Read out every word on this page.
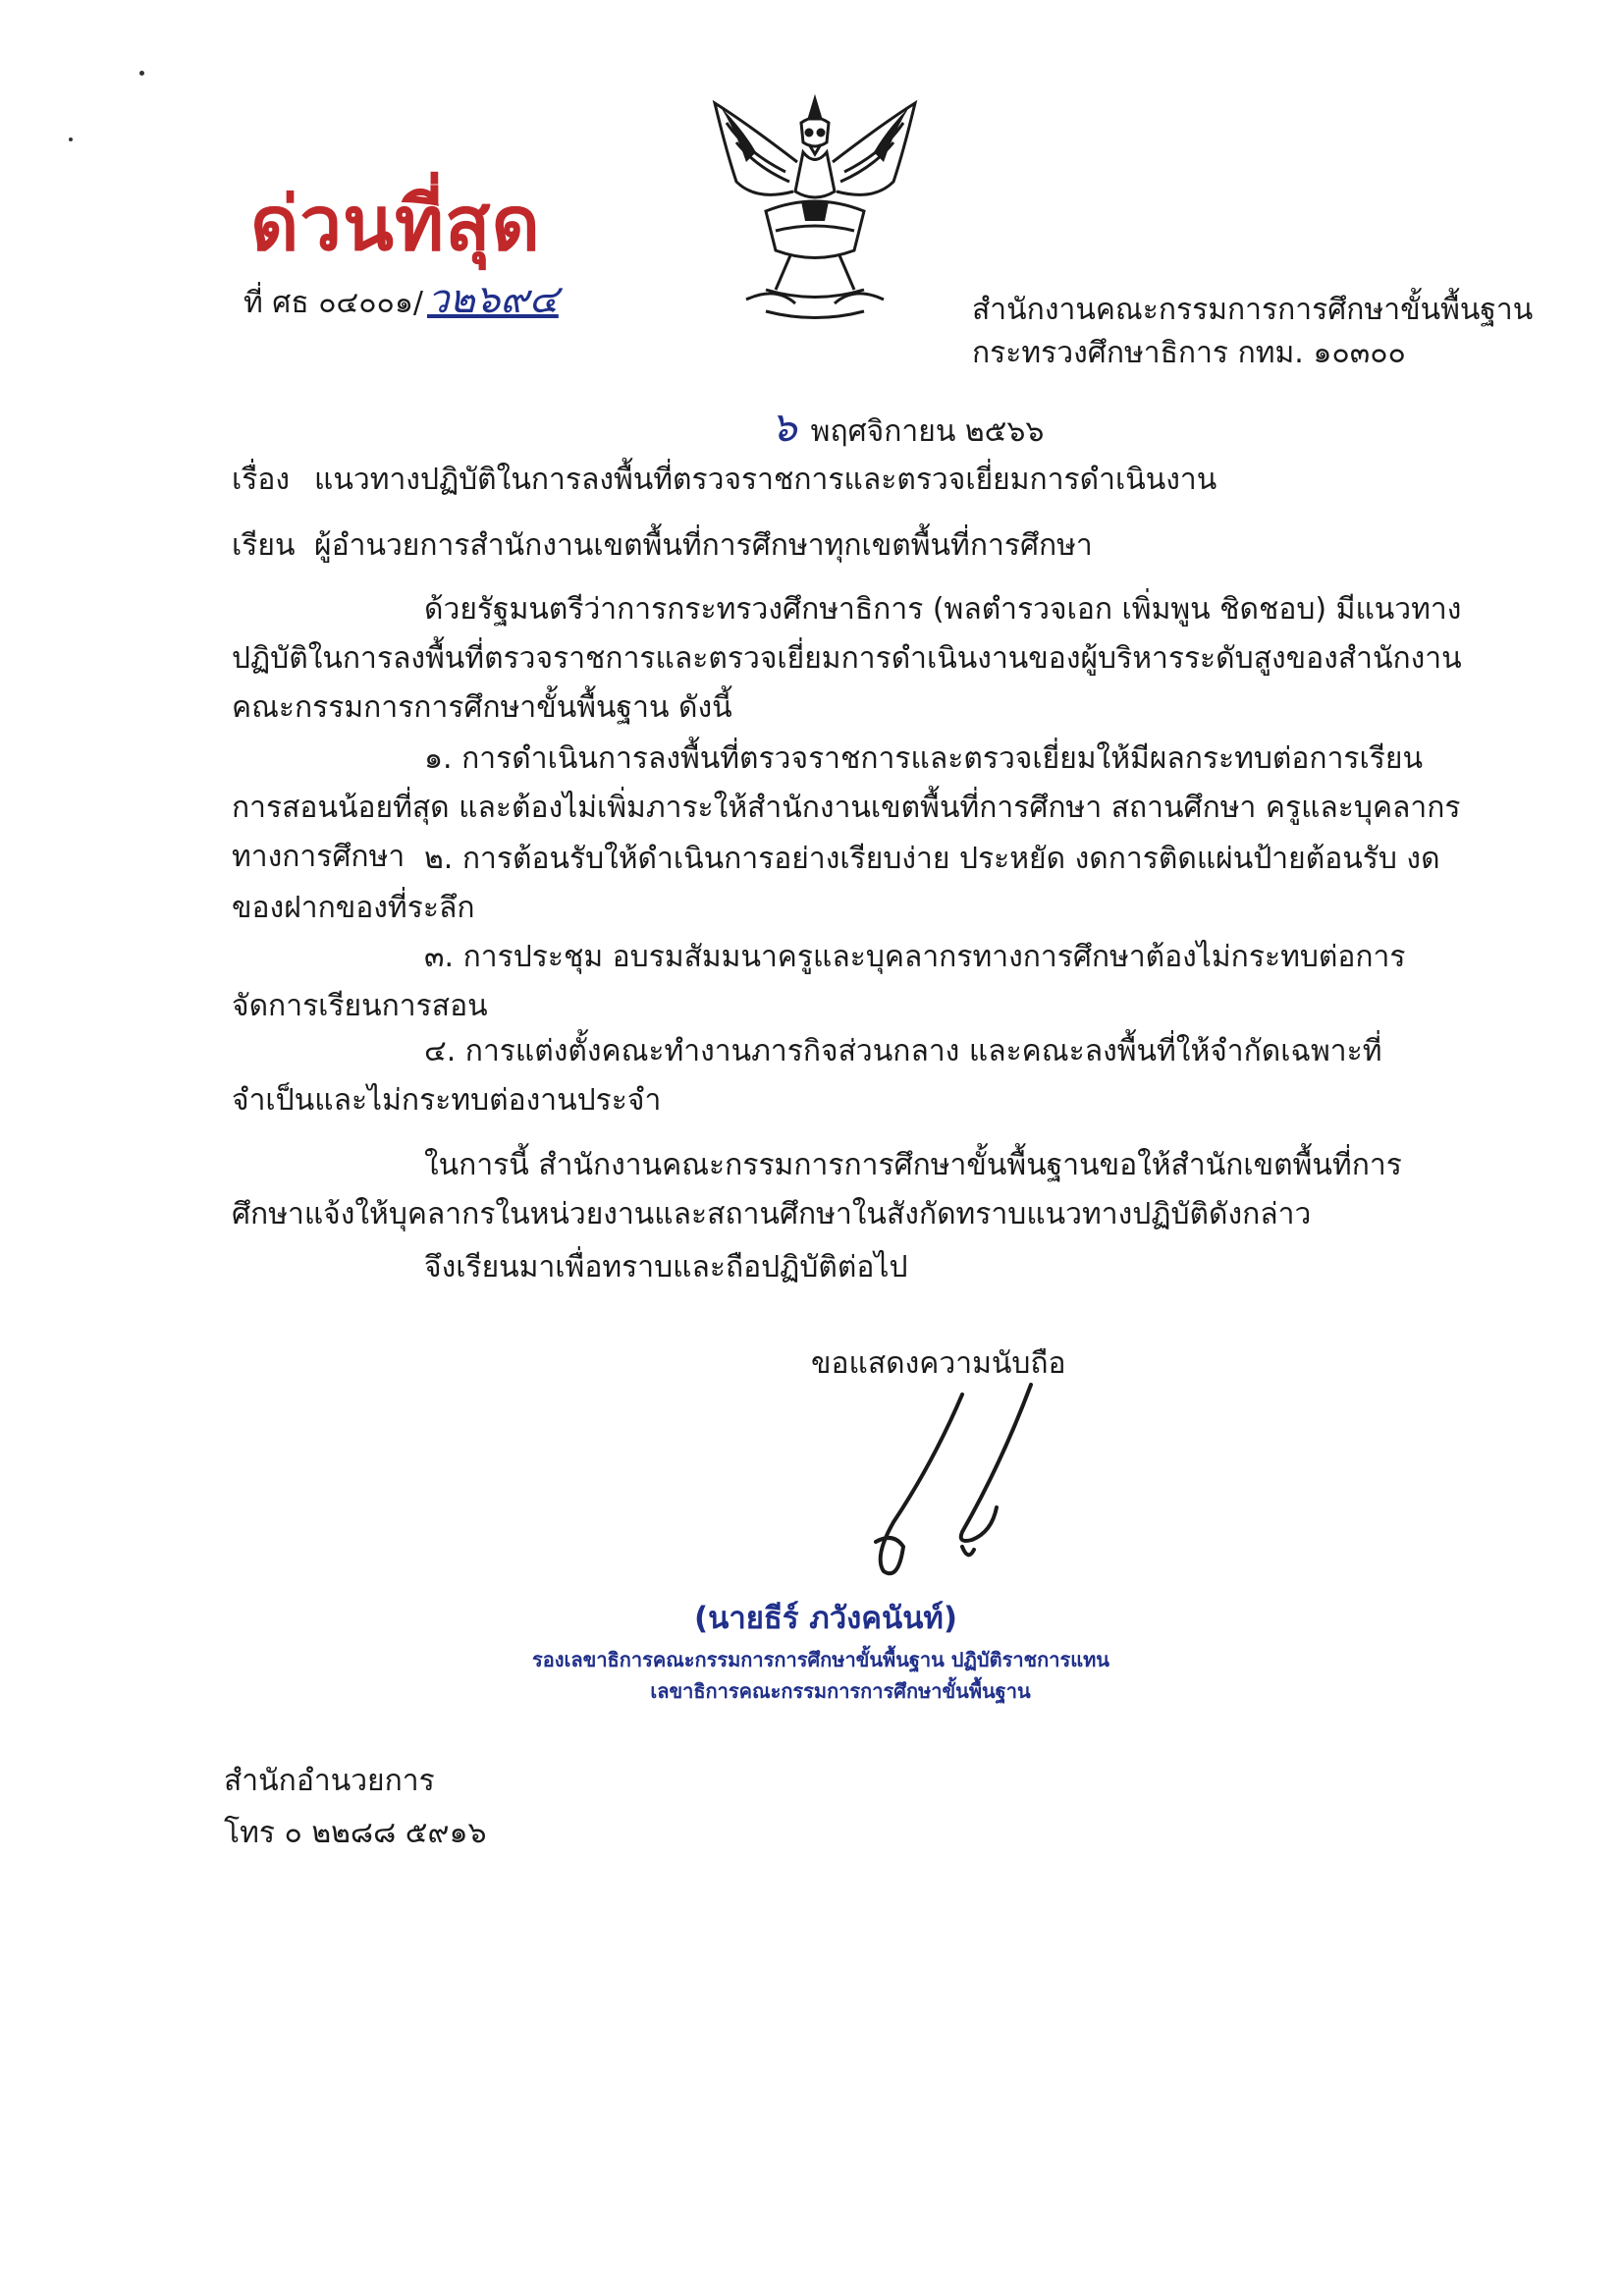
ด่วนที่สุด
ที่ ศธ ๐๔๐๐๑/ ว๒๖๙๔	สำนักงานคณะกรรมการการศึกษาขั้นพื้นฐาน
กระทรวงศึกษาธิการ กทม. ๑๐๓๐๐
๖ พฤศจิกายน ๒๕๖๖
เรื่อง แนวทางปฏิบัติในการลงพื้นที่ตรวจราชการและตรวจเยี่ยมการดำเนินงาน
เรียน ผู้อำนวยการสำนักงานเขตพื้นที่การศึกษาทุกเขตพื้นที่การศึกษา

ด้วยรัฐมนตรีว่าการกระทรวงศึกษาธิการ (พลตำรวจเอก เพิ่มพูน ชิดชอบ) มีแนวทางปฏิบัติในการลงพื้นที่ตรวจราชการและตรวจเยี่ยมการดำเนินงานของผู้บริหารระดับสูงของสำนักงานคณะกรรมการการศึกษาขั้นพื้นฐาน ดังนี้

๑. การดำเนินการลงพื้นที่ตรวจราชการและตรวจเยี่ยมให้มีผลกระทบต่อการเรียนการสอนน้อยที่สุด และต้องไม่เพิ่มภาระให้สำนักงานเขตพื้นที่การศึกษา สถานศึกษา ครูและบุคลากรทางการศึกษา ๒. การต้อนรับให้ดำเนินการอย่างเรียบง่าย ประหยัด งดการติดแผ่นป้ายต้อนรับ งดของฝากของที่ระลึก

๓. การประชุม อบรมสัมมนาครูและบุคลากรทางการศึกษาต้องไม่กระทบต่อการจัดการเรียนการสอน

๔. การแต่งตั้งคณะทำงานภารกิจส่วนกลาง และคณะลงพื้นที่ให้จำกัดเฉพาะที่จำเป็นและไม่กระทบต่องานประจำ

ในการนี้ สำนักงานคณะกรรมการการศึกษาขั้นพื้นฐานขอให้สำนักเขตพื้นที่การศึกษาแจ้งให้บุคลากรในหน่วยงานและสถานศึกษาในสังกัดทราบแนวทางปฏิบัติดังกล่าว

จึงเรียนมาเพื่อทราบและถือปฏิบัติต่อไป

ขอแสดงความนับถือ
(นายธีร์ ภวังคนันท์)
รองเลขาธิการคณะกรรมการการศึกษาขั้นพื้นฐาน ปฏิบัติราชการแทน
เลขาธิการคณะกรรมการการศึกษาขั้นพื้นฐาน
สำนักอำนวยการ
โทร ๐ ๒๒๘๘ ๕๙๑๖
